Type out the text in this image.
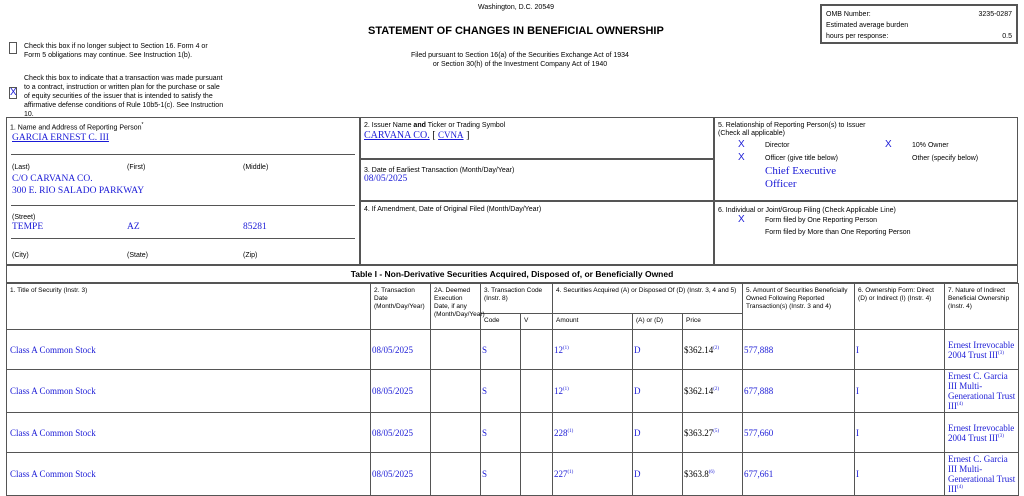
Washington, D.C. 20549
STATEMENT OF CHANGES IN BENEFICIAL OWNERSHIP
Filed pursuant to Section 16(a) of the Securities Exchange Act of 1934
or Section 30(h) of the Investment Company Act of 1940
OMB Number:	3235-0287
Estimated average burden
hours per response:	0.5
Check this box if no longer subject to Section 16. Form 4 or Form 5 obligations may continue. See Instruction 1(b).
X
Check this box to indicate that a transaction was made pursuant to a contract, instruction or written plan for the purchase or sale of equity securities of the issuer that is intended to satisfy the affirmative defense conditions of Rule 10b5-1(c). See Instruction 10.
1. Name and Address of Reporting Person*
GARCIA ERNEST C. III
(Last)	(First)	(Middle)
C/O CARVANA CO.
300 E. RIO SALADO PARKWAY
(Street)
TEMPE	AZ	85281
(City)	(State)	(Zip)
2. Issuer Name and Ticker or Trading Symbol
CARVANA CO. [ CVNA ]
3. Date of Earliest Transaction (Month/Day/Year)
08/05/2025
4. If Amendment, Date of Original Filed (Month/Day/Year)
5. Relationship of Reporting Person(s) to Issuer
(Check all applicable)
X	Director	X	10% Owner
X	Officer (give title below)	Other (specify below)
Chief Executive
Officer
6. Individual or Joint/Group Filing (Check Applicable Line)
X	Form filed by One Reporting Person
Form filed by More than One Reporting Person
Table I - Non-Derivative Securities Acquired, Disposed of, or Beneficially Owned
1. Title of Security (Instr. 3)	2. Transaction Date (Month/Day/Year)	2A. Deemed Execution Date, if any (Month/Day/Year)	3. Transaction Code (Instr. 8)		4. Securities Acquired (A) or Disposed Of (D) (Instr. 3, 4 and 5)			5. Amount of Securities Beneficially Owned Following Reported Transaction(s) (Instr. 3 and 4)	6. Ownership Form: Direct (D) or Indirect (I) (Instr. 4)	7. Nature of Indirect Beneficial Ownership (Instr. 4)
			Code	V	Amount	(A) or (D)	Price			
Class A Common Stock	08/05/2025		S		12$^{(1)}$	D	$362.14$^{(2)}$	577,888	I	Ernest Irrevocable 2004 Trust III$^{(3)}$
Class A Common Stock	08/05/2025		S		12$^{(1)}$	D	$362.14$^{(2)}$	677,888	I	Ernest C. Garcia III Multi-Generational Trust III$^{(4)}$
Class A Common Stock	08/05/2025		S		228$^{(1)}$	D	$363.27$^{(5)}$	577,660	I	Ernest Irrevocable 2004 Trust III$^{(3)}$
Class A Common Stock	08/05/2025		S		227$^{(1)}$	D	$363.8$^{(6)}$	677,661	I	Ernest C. Garcia III Multi-Generational Trust III$^{(4)}$
